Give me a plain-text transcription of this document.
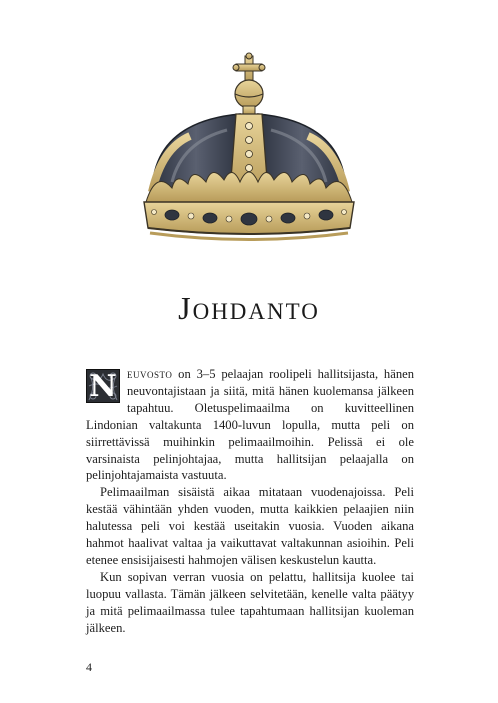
JOHDANTO

N euvosto on 3–5 pelaajan roolipeli hallitsijasta, hänen neuvontajistaan ja siitä, mitä hänen kuolemansa jälkeen tapahtuu. Oletuspelimaailma on kuvitteellinen Lindonian valtakunta 1400-luvun lopulla, mutta peli on siirrettävissä muihinkin pelimaailmoihin. Pelissä ei ole varsinaista pelinjohtajaa, mutta hallitsijan pelaajalla on pelinjohtajamaista vastuuta.

Pelimaailman sisäistä aikaa mitataan vuodenajoissa. Peli kestää vähintään yhden vuoden, mutta kaikkien pelaajien niin halutessa peli voi kestää useitakin vuosia. Vuoden aikana hahmot haalivat valtaa ja vaikuttavat valtakunnan asioihin. Peli etenee ensisijaisesti hahmojen välisen keskustelun kautta.

Kun sopivan verran vuosia on pelattu, hallitsija kuolee tai luopuu vallasta. Tämän jälkeen selvitetään, kenelle valta päätyy ja mitä pelimaailmassa tulee tapahtumaan hallitsijan kuoleman jälkeen.

4
